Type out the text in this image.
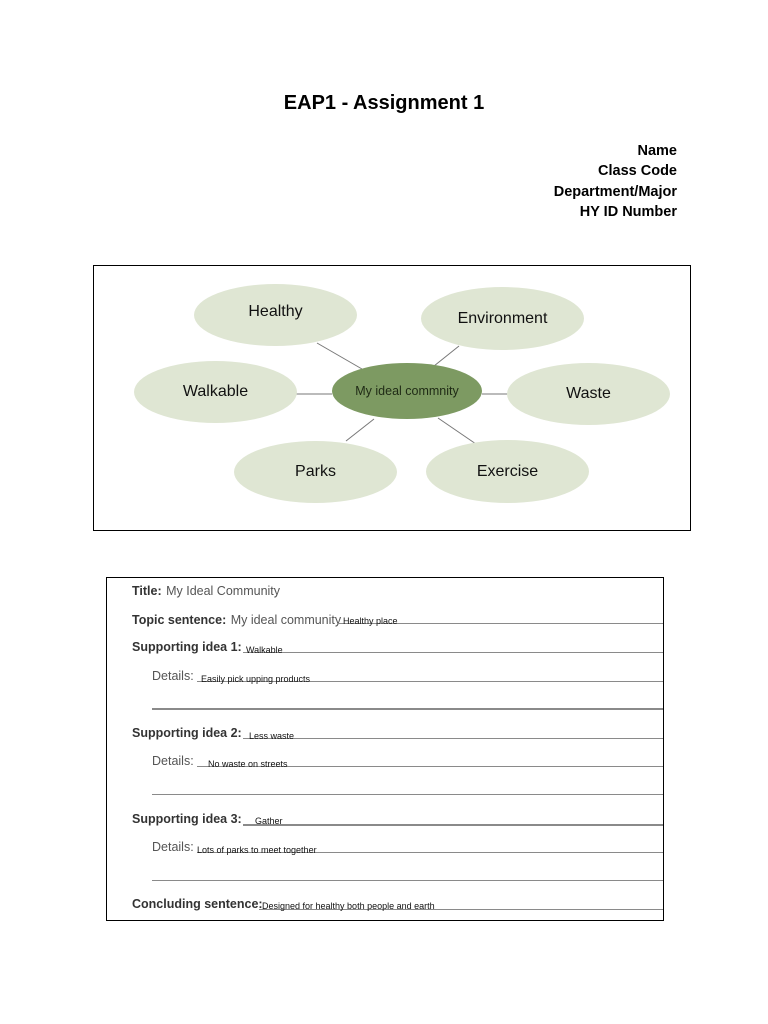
EAP1 - Assignment 1
Name
Class Code
Department/Major
HY ID Number
Healthy	Environment
Walkable	My ideal commnity	Waste
Parks	Exercise
Title: My Ideal Community
Topic sentence: My ideal community Healthy place
Supporting idea 1: Walkable
Details: Easily pick upping products
Supporting idea 2: Less waste
Details: No waste on streets
Supporting idea 3: Gather
Details: Lots of parks to meet together
Concluding sentence: Designed for healthy both people and earth
